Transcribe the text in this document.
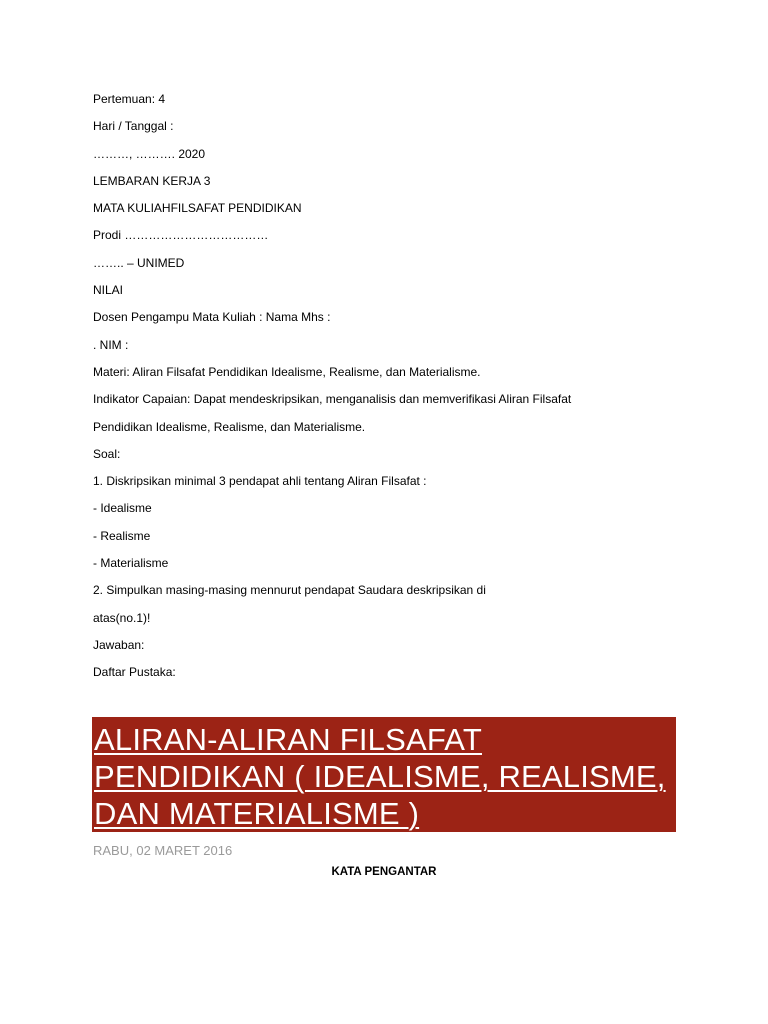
Pertemuan: 4
Hari / Tanggal :
………, ………. 2020
LEMBARAN KERJA 3
MATA KULIAHFILSAFAT PENDIDIKAN
Prodi ………………………………
…….. – UNIMED
NILAI
Dosen Pengampu Mata Kuliah : Nama Mhs :
. NIM :
Materi: Aliran Filsafat Pendidikan Idealisme, Realisme, dan Materialisme.
Indikator Capaian: Dapat mendeskripsikan, menganalisis dan memverifikasi Aliran Filsafat
Pendidikan Idealisme, Realisme, dan Materialisme.
Soal:
1. Diskripsikan minimal 3 pendapat ahli tentang Aliran Filsafat :
- Idealisme
- Realisme
- Materialisme
2. Simpulkan masing-masing mennurut pendapat Saudara deskripsikan di
atas(no.1)!
Jawaban:
Daftar Pustaka:
ALIRAN-ALIRAN FILSAFAT PENDIDIKAN ( IDEALISME, REALISME, DAN MATERIALISME )
RABU, 02 MARET 2016
KATA PENGANTAR
